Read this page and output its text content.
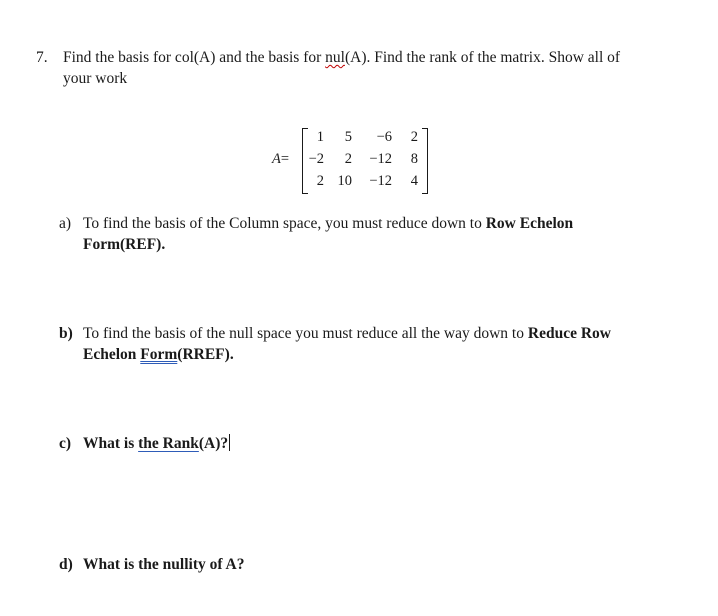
7. Find the basis for col(A) and the basis for nul(A). Find the rank of the matrix. Show all of
your work
A=
1	5	−6	2
−2	2	−12	8
2 10	−12	4
a) To find the basis of the Column space, you must reduce down to Row Echelon
Form(REF).
b) To find the basis of the null space you must reduce all the way down to Reduce Row
Echelon Form(RREF).
c) What is the Rank(A)?
d) What is the nullity of A?
